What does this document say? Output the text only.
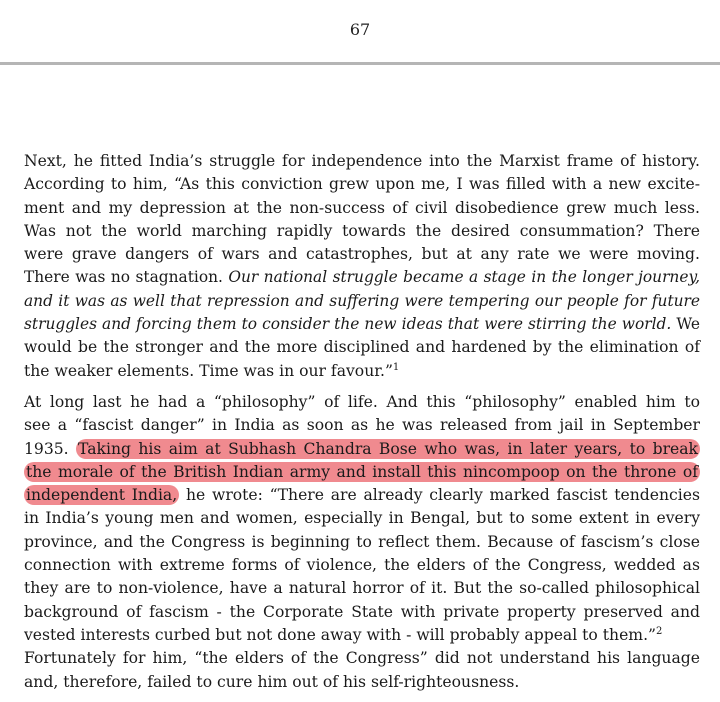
67
Next, he fitted India’s struggle for independence into the Marxist frame of history.
According to him, “As this conviction grew upon me, I was filled with a new excite-
ment and my depression at the non-success of civil disobedience grew much less.
Was not the world marching rapidly towards the desired consummation? There
were grave dangers of wars and catastrophes, but at any rate we were moving.
There was no stagnation. Our national struggle became a stage in the longer journey,
and it was as well that repression and suffering were tempering our people for future
struggles and forcing them to consider the new ideas that were stirring the world. We
would be the stronger and the more disciplined and hardened by the elimination of
the weaker elements. Time was in our favour.”$^1$
At long last he had a “philosophy” of life. And this “philosophy” enabled him to
see a “fascist danger” in India as soon as he was released from jail in September
1935. Taking his aim at Subhash Chandra Bose who was, in later years, to break
the morale of the British Indian army and install this nincompoop on the throne of
independent India, he wrote: “There are already clearly marked fascist tendencies
in India’s young men and women, especially in Bengal, but to some extent in every
province, and the Congress is beginning to reflect them. Because of fascism’s close
connection with extreme forms of violence, the elders of the Congress, wedded as
they are to non-violence, have a natural horror of it. But the so-called philosophical
background of fascism - the Corporate State with private property preserved and
vested interests curbed but not done away with - will probably appeal to them.”$^2$
Fortunately for him, “the elders of the Congress” did not understand his language
and, therefore, failed to cure him out of his self-righteousness.
